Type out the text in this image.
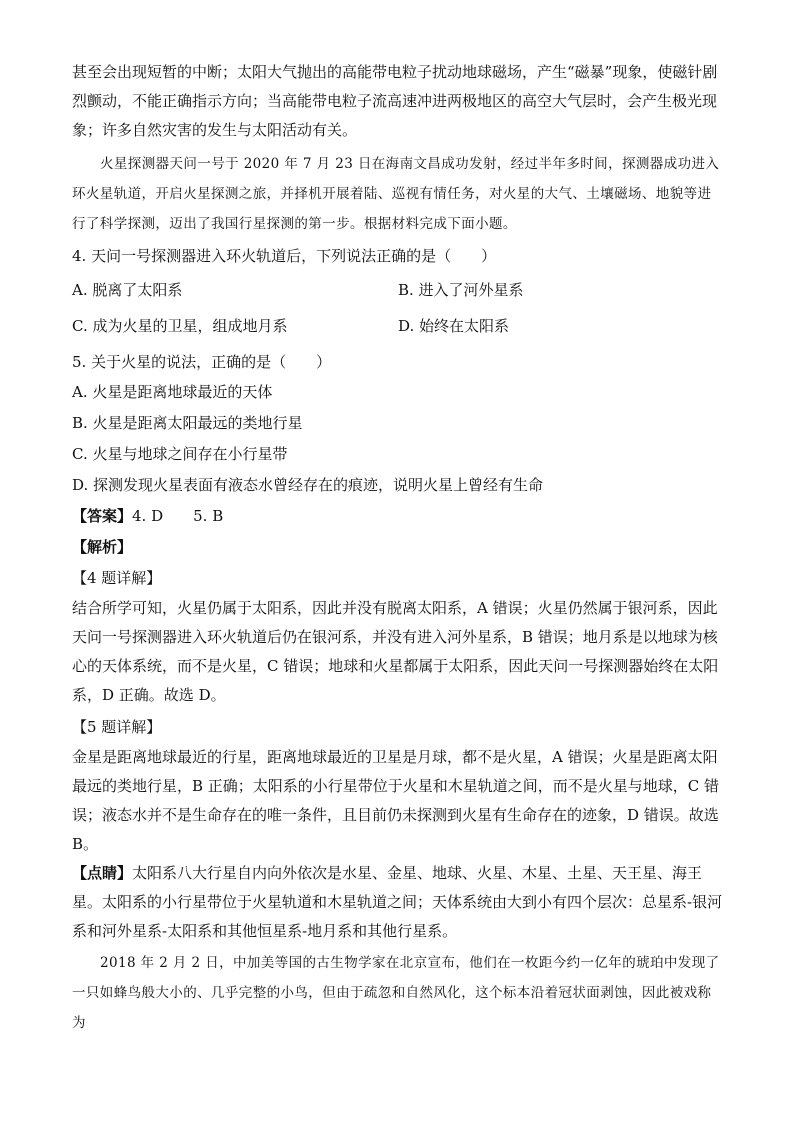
甚至会出现短暂的中断；太阳大气抛出的高能带电粒子扰动地球磁场，产生“磁暴”现象，使磁针剧烈颤动，不能正确指示方向；当高能带电粒子流高速冲进两极地区的高空大气层时，会产生极光现象；许多自然灾害的发生与太阳活动有关。

火星探测器天问一号于 2020 年 7 月 23 日在海南文昌成功发射，经过半年多时间，探测器成功进入环火星轨道，开启火星探测之旅，并择机开展着陆、巡视有情任务，对火星的大气、土壤磁场、地貌等进行了科学探测，迈出了我国行星探测的第一步。根据材料完成下面小题。

4. 天问一号探测器进入环火轨道后，下列说法正确的是（　　）

A. 脱离了太阳系	B. 进入了河外星系
C. 成为火星的卫星，组成地月系	D. 始终在太阳系

5. 关于火星的说法，正确的是（　　）

A. 火星是距离地球最近的天体

B. 火星是距离太阳最远的类地行星

C. 火星与地球之间存在小行星带

D. 探测发现火星表面有液态水曾经存在的痕迹，说明火星上曾经有生命

【答案】4. D 5. B

【解析】

【4 题详解】

结合所学可知，火星仍属于太阳系，因此并没有脱离太阳系，A 错误；火星仍然属于银河系，因此天问一号探测器进入环火轨道后仍在银河系，并没有进入河外星系，B 错误；地月系是以地球为核心的天体系统，而不是火星，C 错误；地球和火星都属于太阳系，因此天问一号探测器始终在太阳系，D 正确。故选 D。

【5 题详解】

金星是距离地球最近的行星，距离地球最近的卫星是月球，都不是火星，A 错误；火星是距离太阳最远的类地行星，B 正确；太阳系的小行星带位于火星和木星轨道之间，而不是火星与地球，C 错误；液态水并不是生命存在的唯一条件，且目前仍未探测到火星有生命存在的迹象，D 错误。故选 B。

【点睛】太阳系八大行星自内向外依次是水星、金星、地球、火星、木星、土星、天王星、海王星。太阳系的小行星带位于火星轨道和木星轨道之间；天体系统由大到小有四个层次：总星系-银河系和河外星系-太阳系和其他恒星系-地月系和其他行星系。

2018 年 2 月 2 日，中加美等国的古生物学家在北京宣布，他们在一枚距今约一亿年的琥珀中发现了一只如蜂鸟般大小的、几乎完整的小鸟，但由于疏忽和自然风化，这个标本沿着冠状面剥蚀，因此被戏称为
